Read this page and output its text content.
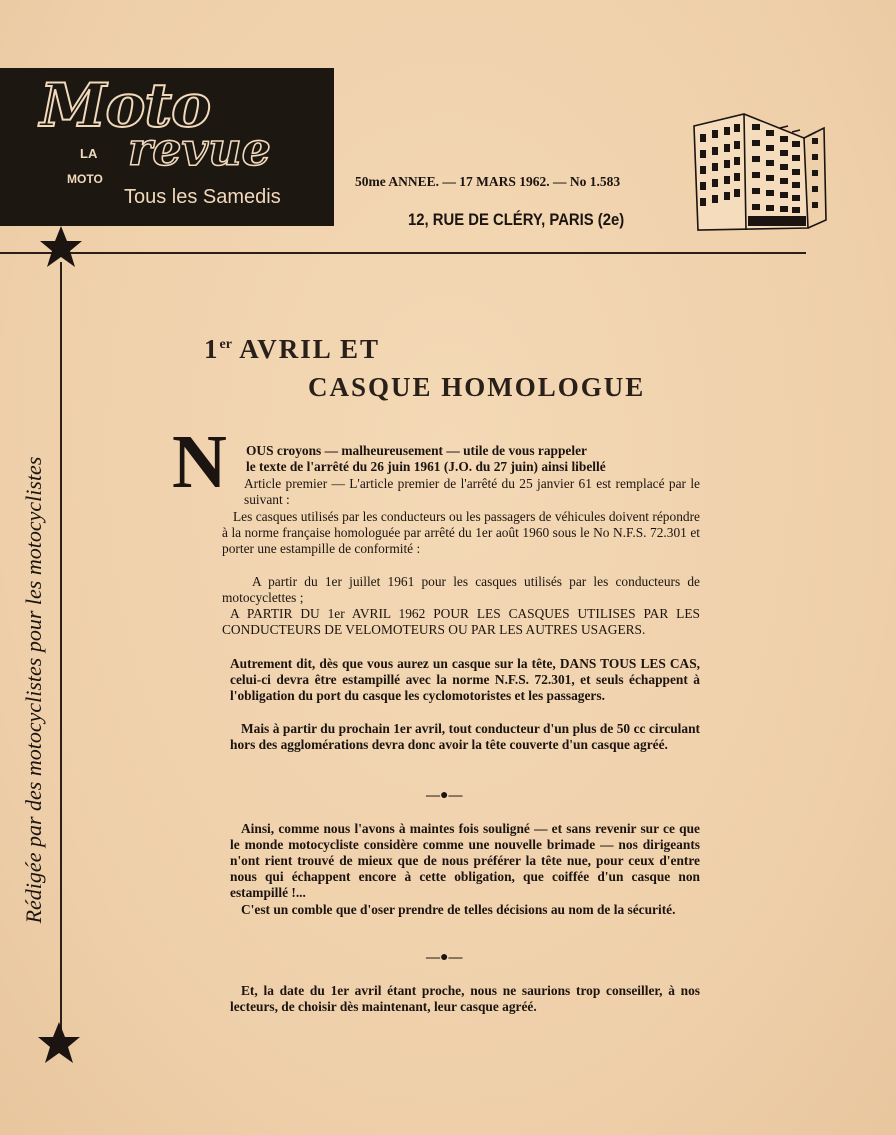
Moto
LA revue
MOTO
Tous les Samedis
50me ANNEE. — 17 MARS 1962. — No 1.583
12, RUE DE CLÉRY, PARIS (2e)
Rédigée par des motocyclistes pour les motocyclistes
1er AVRIL ET
CASQUE HOMOLOGUE
N OUS croyons — malheureusement — utile de vous rappeler
le texte de l'arrêté du 26 juin 1961 (J.O. du 27 juin) ainsi libellé

Article premier — L'article premier de l'arrêté du 25 janvier 61 est remplacé par le suivant :

Les casques utilisés par les conducteurs ou les passagers de véhicules doivent répondre à la norme française homologuée par arrêté du 1er août 1960 sous le No N.F.S. 72.301 et porter une estampille de conformité :

A partir du 1er juillet 1961 pour les casques utilisés par les conducteurs de motocyclettes ;

A PARTIR DU 1er AVRIL 1962 POUR LES CASQUES UTILISES PAR LES CONDUCTEURS DE VELOMOTEURS OU PAR LES AUTRES USAGERS.

Autrement dit, dès que vous aurez un casque sur la tête, DANS TOUS LES CAS, celui-ci devra être estampillé avec la norme N.F.S. 72.301, et seuls échappent à l'obligation du port du casque les cyclomotoristes et les passagers.

Mais à partir du prochain 1er avril, tout conducteur d'un plus de 50 cc circulant hors des agglomérations devra donc avoir la tête couverte d'un casque agréé.

—●—

Ainsi, comme nous l'avons à maintes fois souligné — et sans revenir sur ce que le monde motocycliste considère comme une nouvelle brimade — nos dirigeants n'ont rient trouvé de mieux que de nous préférer la tête nue, pour ceux d'entre nous qui échappent encore à cette obligation, que coiffée d'un casque non estampillé !...

C'est un comble que d'oser prendre de telles décisions au nom de la sécurité.

—●—

Et, la date du 1er avril étant proche, nous ne saurions trop conseiller, à nos lecteurs, de choisir dès maintenant, leur casque agréé.
